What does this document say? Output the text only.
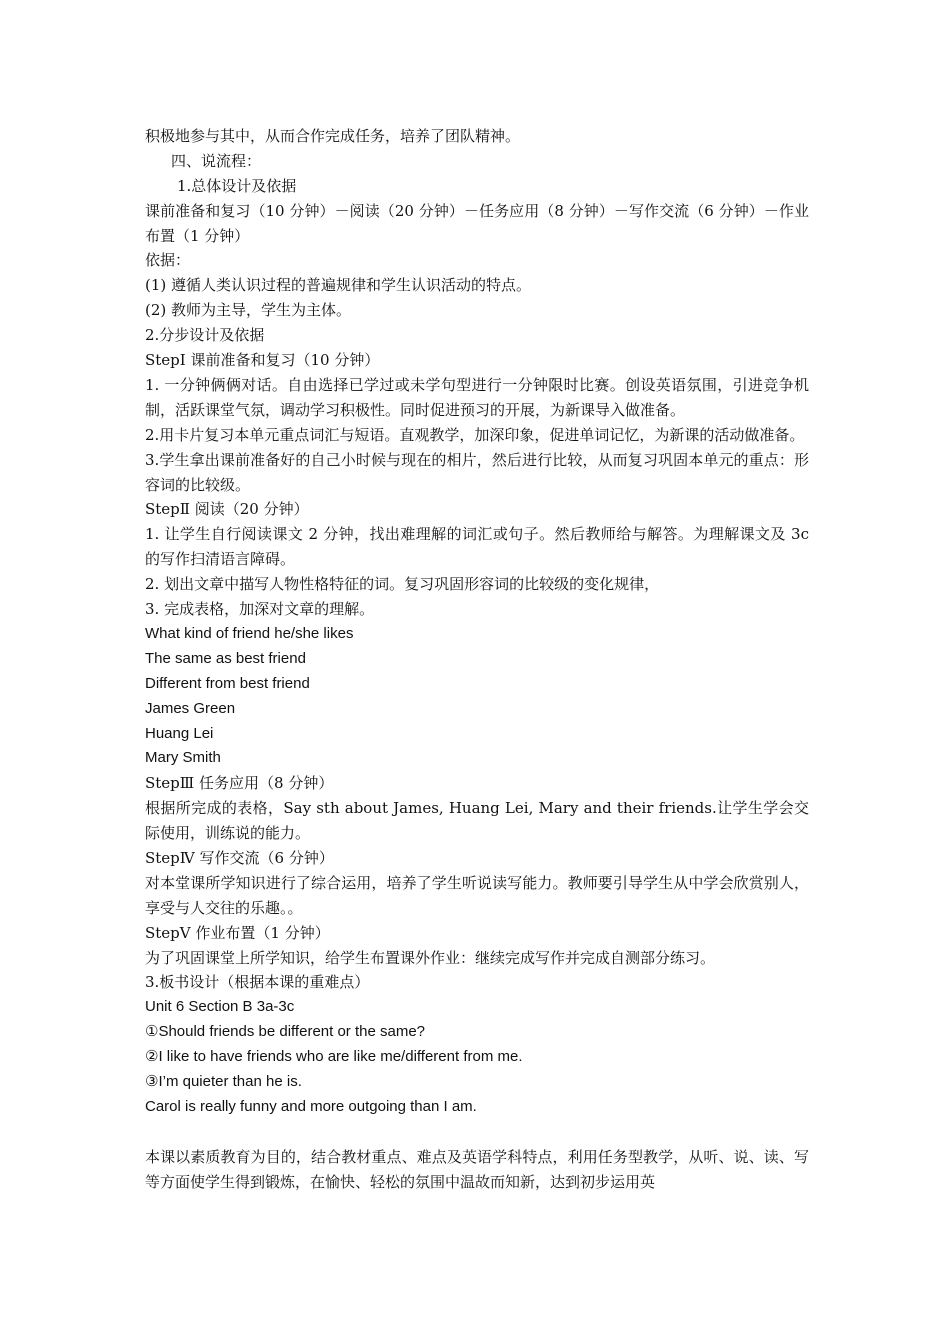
积极地参与其中，从而合作完成任务，培养了团队精神。
四、说流程：
1.总体设计及依据
课前准备和复习（10 分钟）－阅读（20 分钟）－任务应用（8 分钟）－写作交流（6 分钟）－作业布置（1 分钟）
依据：
(1) 遵循人类认识过程的普遍规律和学生认识活动的特点。
(2) 教师为主导，学生为主体。
2.分步设计及依据
StepⅠ 课前准备和复习（10 分钟）
1. 一分钟俩俩对话。自由选择已学过或未学句型进行一分钟限时比赛。创设英语氛围，引进竞争机制，活跃课堂气氛，调动学习积极性。同时促进预习的开展，为新课导入做准备。
2.用卡片复习本单元重点词汇与短语。直观教学，加深印象，促进单词记忆，为新课的活动做准备。
3.学生拿出课前准备好的自己小时候与现在的相片，然后进行比较，从而复习巩固本单元的重点：形容词的比较级。
StepⅡ 阅读（20 分钟）
1. 让学生自行阅读课文 2 分钟，找出难理解的词汇或句子。然后教师给与解答。为理解课文及 3c 的写作扫清语言障碍。
2. 划出文章中描写人物性格特征的词。复习巩固形容词的比较级的变化规律，
3. 完成表格，加深对文章的理解。
What kind of friend he/she likes
The same as best friend
Different from best friend
James Green
Huang Lei
Mary Smith
StepⅢ 任务应用（8 分钟）
根据所完成的表格，Say sth about James, Huang Lei, Mary and their friends.让学生学会交际使用，训练说的能力。
StepⅣ 写作交流（6 分钟）
对本堂课所学知识进行了综合运用，培养了学生听说读写能力。教师要引导学生从中学会欣赏别人，享受与人交往的乐趣。。
StepⅤ 作业布置（1 分钟）
为了巩固课堂上所学知识，给学生布置课外作业：继续完成写作并完成自测部分练习。
3.板书设计（根据本课的重难点）
Unit 6 Section B 3a-3c
①Should friends be different or the same?
②I like to have friends who are like me/different from me.
③I’m quieter than he is.
Carol is really funny and more outgoing than I am.
本课以素质教育为目的，结合教材重点、难点及英语学科特点，利用任务型教学，从听、说、读、写等方面使学生得到锻炼，在愉快、轻松的氛围中温故而知新，达到初步运用英
